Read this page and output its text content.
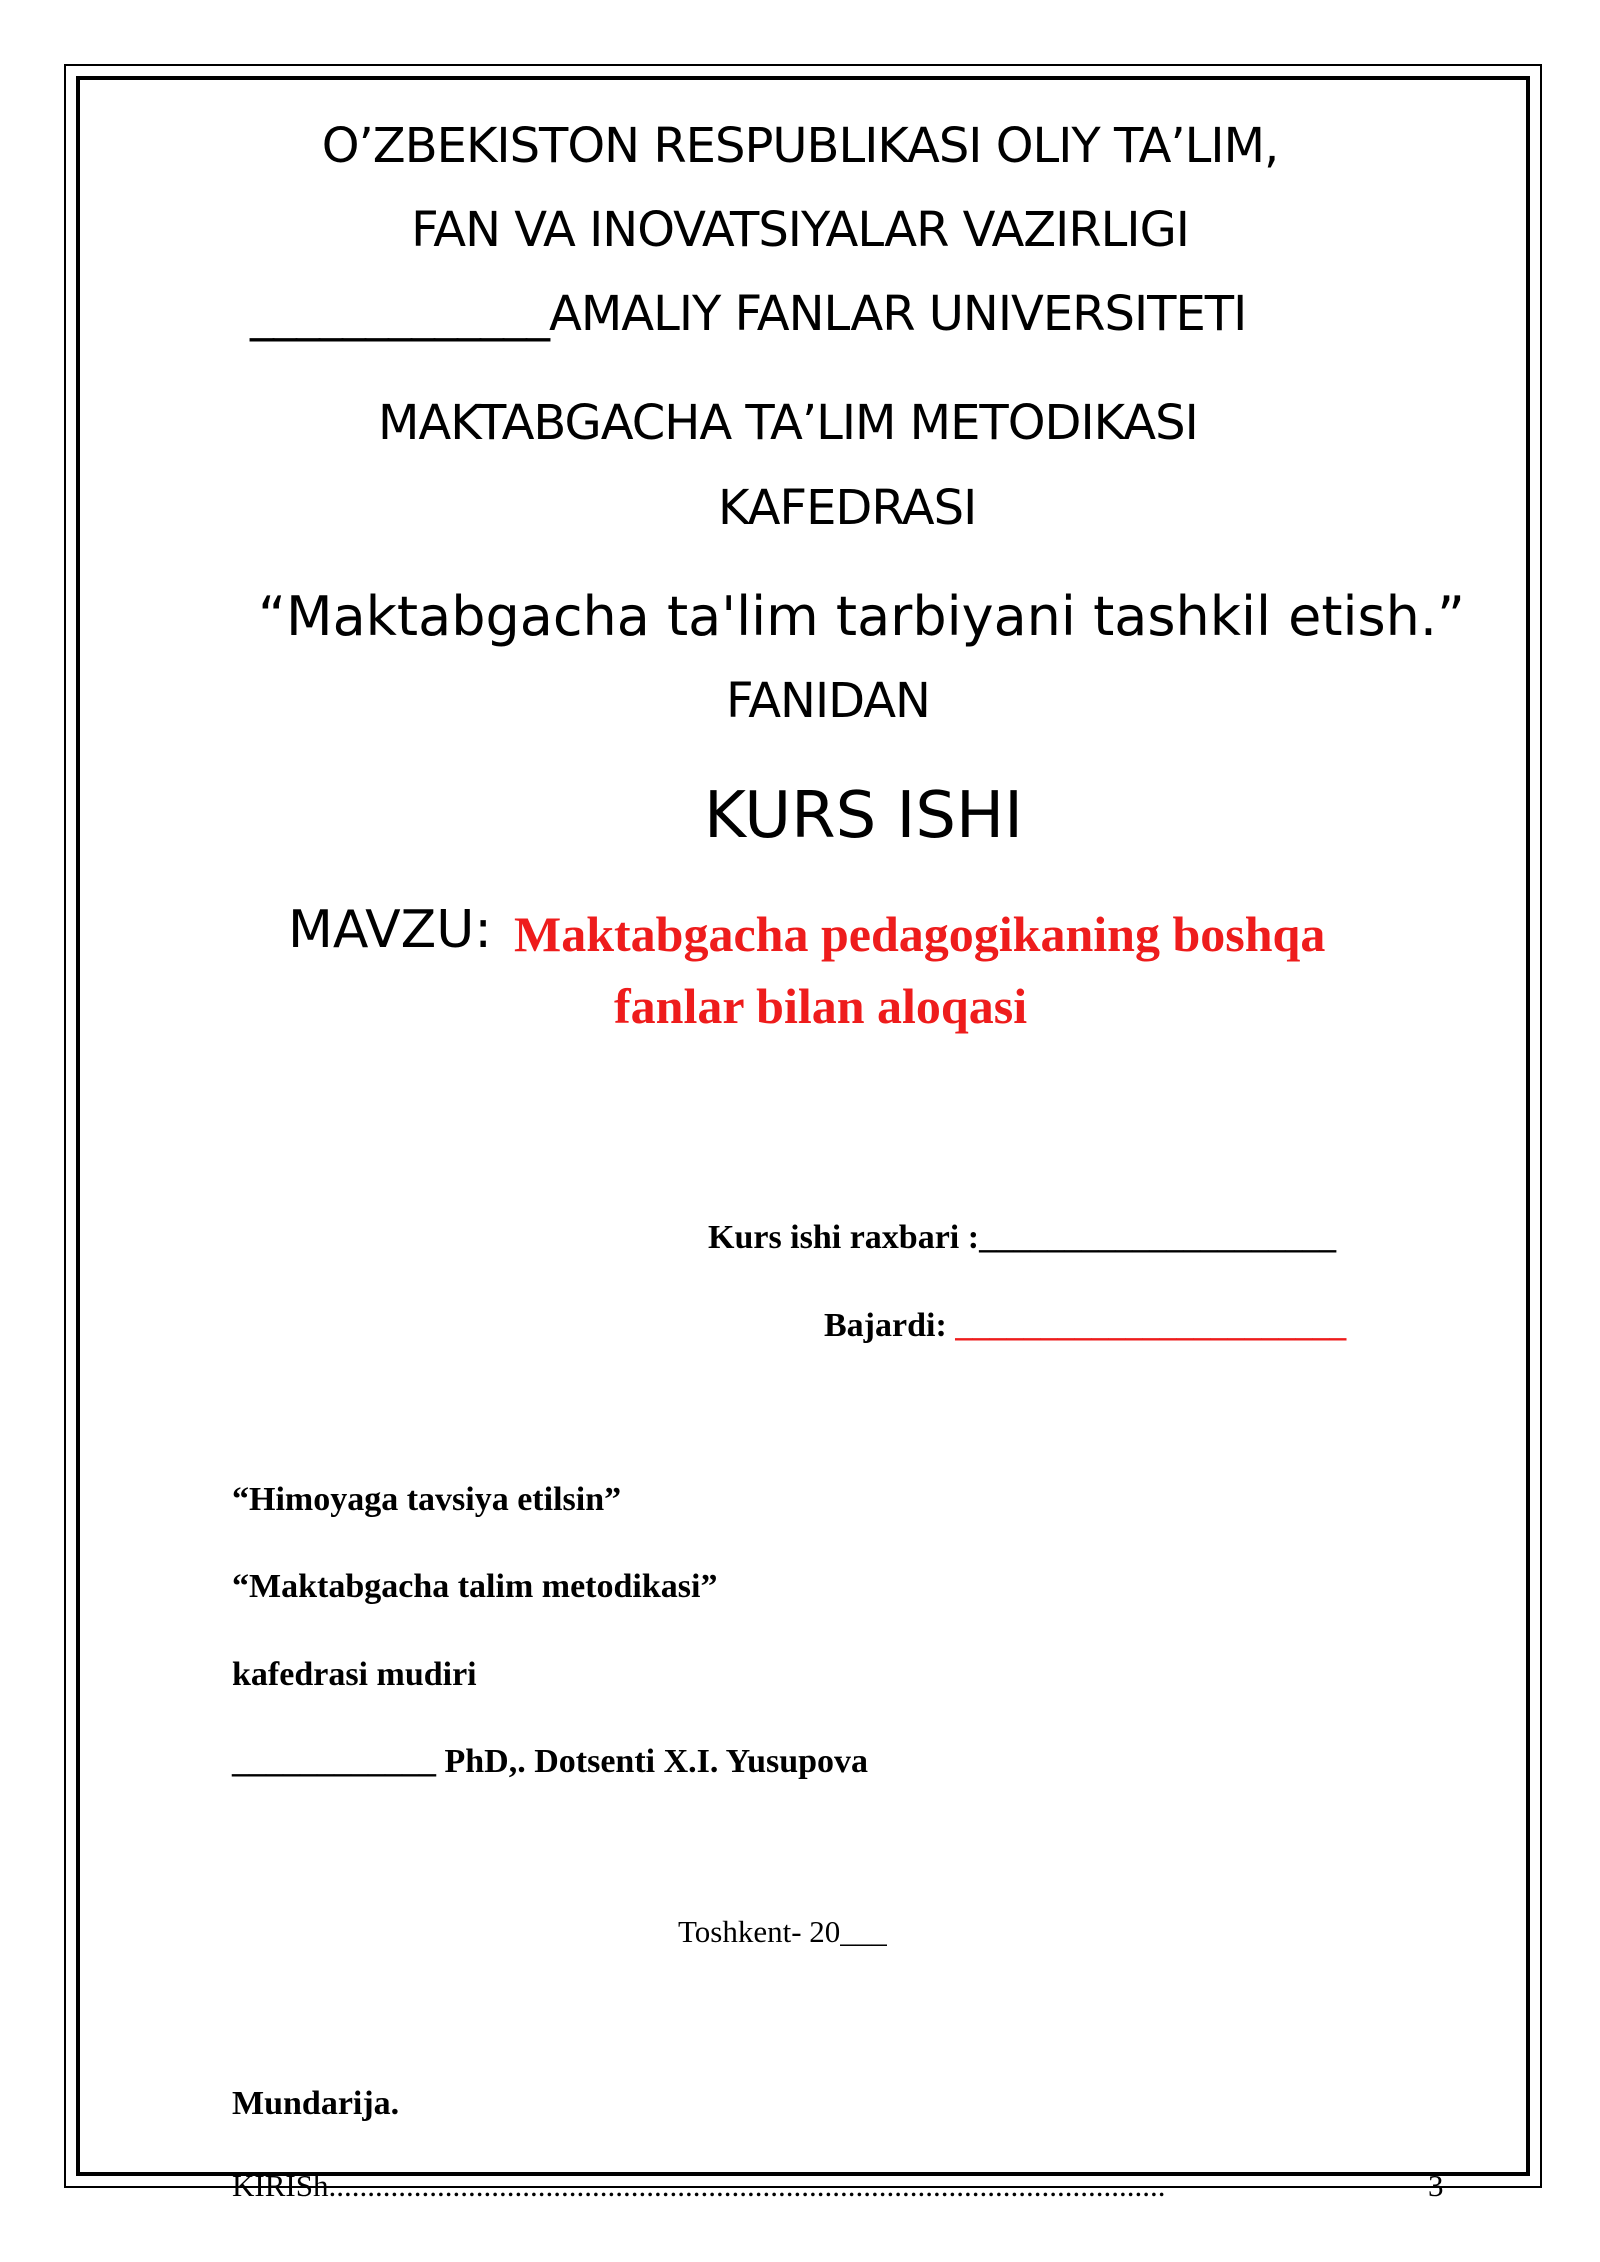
O’ZBEKISTON RESPUBLIKASI OLIY TA’LIM,
FAN VA INOVATSIYALAR VAZIRLIGI
_____________AMALIY FANLAR UNIVERSITETI
MAKTABGACHA TA’LIM METODIKASI
KAFEDRASI
“Maktabgacha ta'lim tarbiyani tashkil etish.”
FANIDAN
KURS ISHI
MAVZU: Maktabgacha pedagogikaning boshqa
fanlar bilan aloqasi
Kurs ishi raxbari :_____________________
Bajardi: _______________________
“Himoyaga tavsiya etilsin”
“Maktabgacha talim metodikasi”
kafedrasi mudiri
____________ PhD,. Dotsenti X.I. Yusupova
Toshkent- 20___
Mundarija.
KIRISh............................................................................................................	3
